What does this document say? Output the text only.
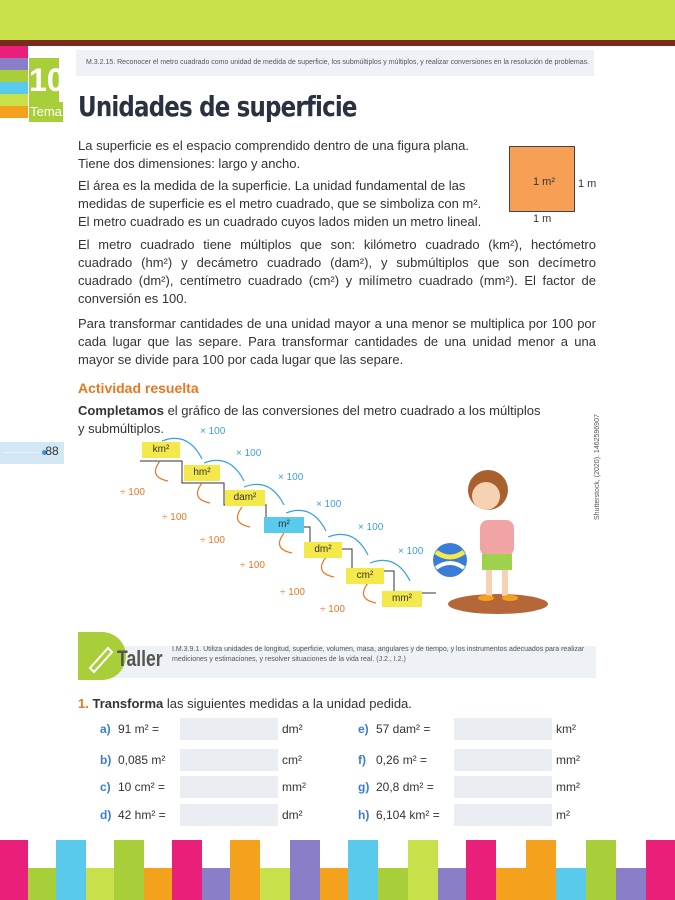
10
Tema
M.3.2.15. Reconocer el metro cuadrado como unidad de medida de superficie, los submúltiplos y múltiplos, y realizar conversiones en la resolución de problemas.
Unidades de superficie
La superficie es el espacio comprendido dentro de una figura plana. Tiene dos dimensiones: largo y ancho.
El área es la medida de la superficie. La unidad fundamental de las medidas de superficie es el metro cuadrado, que se simboliza con m². El metro cuadrado es un cuadrado cuyos lados miden un metro lineal.
El metro cuadrado tiene múltiplos que son: kilómetro cuadrado (km²), hectómetro cuadrado (hm²) y decámetro cuadrado (dam²), y submúltiplos que son decímetro cuadrado (dm²), centímetro cuadrado (cm²) y milímetro cuadrado (mm²). El factor de conversión es 100.
Para transformar cantidades de una unidad mayor a una menor se multiplica por 100 por cada lugar que las separe. Para transformar cantidades de una unidad menor a una mayor se divide para 100 por cada lugar que las separe.
1 m² 1 m
1 m
Actividad resuelta
Completamos el gráfico de las conversiones del metro cuadrado a los múltiplos y submúltiplos.
88	km²
hm²
dam²
m²
dm²
cm²
mm²
× 100
× 100
× 100
× 100
× 100
× 100
÷ 100
÷ 100
÷ 100
÷ 100
÷ 100
÷ 100
Shutterstock, (2020). 1462596907
Taller I.M.3.9.1. Utiliza unidades de longitud, superficie, volumen, masa, angulares y de tiempo, y los instrumentos adecuados para realizar mediciones y estimaciones, y resolver situaciones de la vida real. (J.2., I.2.)
1. Transforma las siguientes medidas a la unidad pedida.
a) 91 m² =	dm²
b) 0,085 m²	cm²
c) 10 cm² =	mm²
d) 42 hm² =	dm²
e) 57 dam² =	km²
f) 0,26 m² =	mm²
g) 20,8 dm² =	mm²
h) 6,104 km² =	m²
